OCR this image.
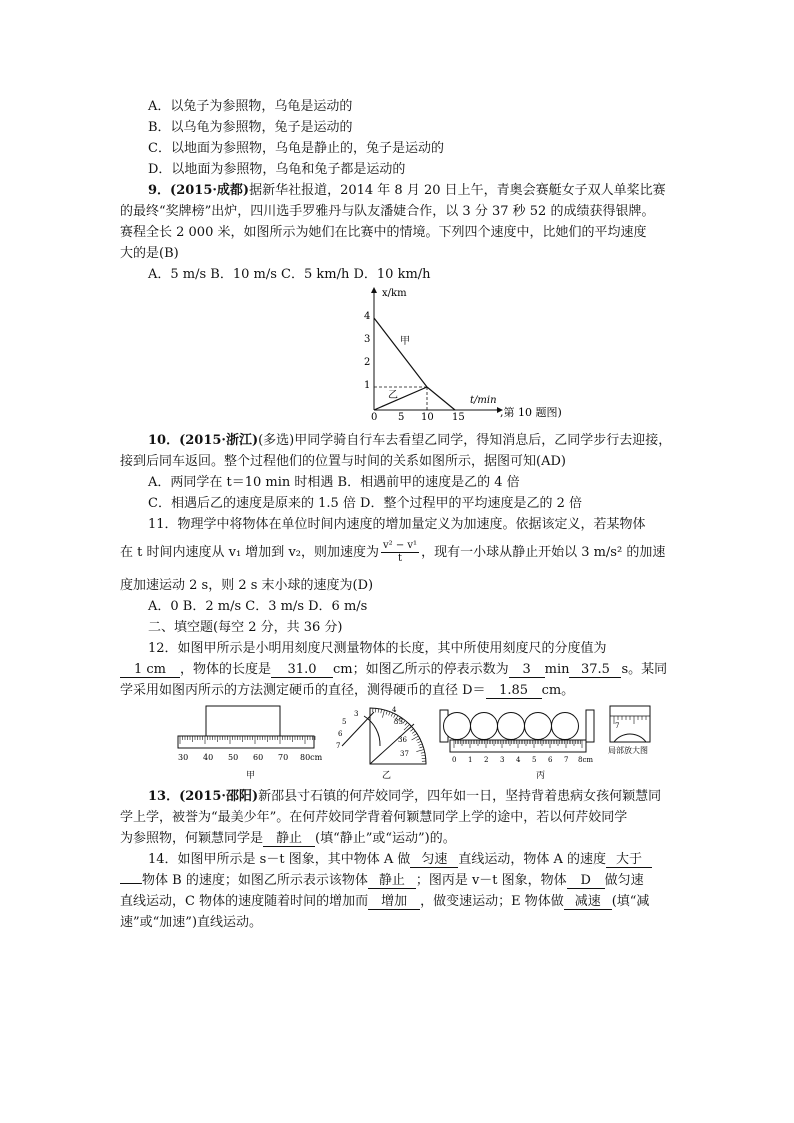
A．以兔子为参照物，乌龟是运动的
B．以乌龟为参照物，兔子是运动的
C．以地面为参照物，乌龟是静止的，兔子是运动的
D．以地面为参照物，乌龟和兔子都是运动的
9．(2015·成都)据新华社报道，2014 年 8 月 20 日上午，青奥会赛艇女子双人单桨比赛
的最终“奖牌榜”出炉，四川选手罗雅丹与队友潘婕合作，以 3 分 37 秒 52 的成绩获得银牌。
赛程全长 2 000 米，如图所示为她们在比赛中的情境。下列四个速度中，比她们的平均速度
大的是(B)
A．5 m/s B．10 m/s C．5 km/h D．10 km/h
x/km
t/min
1
2
3
4
0 5 10 15
甲
乙
,第 10 题图)
10．(2015·浙江)(多选)甲同学骑自行车去看望乙同学，得知消息后，乙同学步行去迎接，
接到后同车返回。整个过程他们的位置与时间的关系如图所示，据图可知(AD)
A．两同学在 t＝10 min 时相遇 B．相遇前甲的速度是乙的 4 倍
C．相遇后乙的速度是原来的 1.5 倍 D．整个过程甲的平均速度是乙的 2 倍
11．物理学中将物体在单位时间内速度的增加量定义为加速度。依据该定义，若某物体
在 t 时间内速度从 v₁ 增加到 v₂，则加速度为 $\frac{\text{v² − v¹}}{t}$ ，现有一小球从静止开始以 3 m/s² 的加速
度加速运动 2 s，则 2 s 末小球的速度为(D)
A．0 B．2 m/s C．3 m/s D．6 m/s
二、填空题(每空 2 分，共 36 分)
12．如图甲所示是小明用刻度尺测量物体的长度，其中所使用刻度尺的分度值为
1 cm ，物体的长度是 31.0 cm；如图乙所示的停表示数为 3 min 37.5 s。某同
学采用如图丙所示的方法测定硬币的直径，测得硬币的直径 D＝ 1.85 cm。
30 40 50 60 70 80cm
甲
3
35
4
5
6
7
36
37
乙
0 1 2 3 4 5 6 7 8cm
7
局部放大图
丙
13．(2015·邵阳)新邵县寸石镇的何芹姣同学，四年如一日，坚持背着患病女孩何颖慧同
学上学，被誉为“最美少年”。在何芹姣同学背着何颖慧同学上学的途中，若以何芹姣同学
为参照物，何颖慧同学是 静止 (填“静止”或“运动”)的。
14．如图甲所示是 s－t 图象，其中物体 A 做 匀速 直线运动，物体 A 的速度 大于
物体 B 的速度；如图乙所示表示该物体 静止 ；图丙是 v－t 图象，物体 D 做匀速
直线运动，C 物体的速度随着时间的增加而 增加 ，做变速运动；E 物体做 减速 (填“减
速”或“加速”)直线运动。
